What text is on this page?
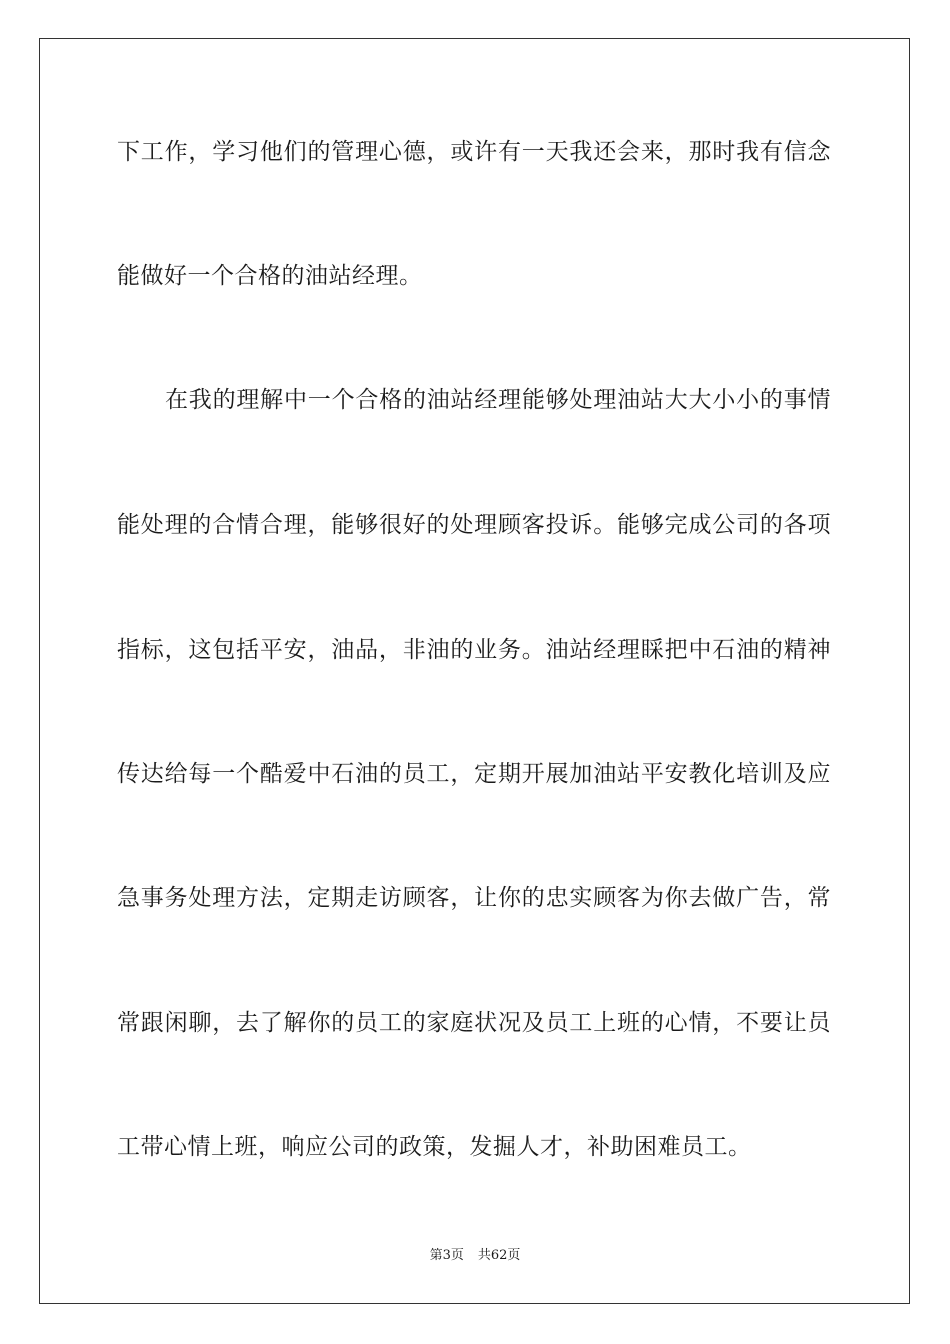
下工作，学习他们的管理心德，或许有一天我还会来，那时我有信念
能做好一个合格的油站经理。
在我的理解中一个合格的油站经理能够处理油站大大小小的事情
能处理的合情合理，能够很好的处理顾客投诉。能够完成公司的各项
指标，这包括平安，油品，非油的业务。油站经理睬把中石油的精神
传达给每一个酷爱中石油的员工，定期开展加油站平安教化培训及应
急事务处理方法，定期走访顾客，让你的忠实顾客为你去做广告，常
常跟闲聊，去了解你的员工的家庭状况及员工上班的心情，不要让员
工带心情上班，响应公司的政策，发掘人才，补助困难员工。
第3页 共62页
